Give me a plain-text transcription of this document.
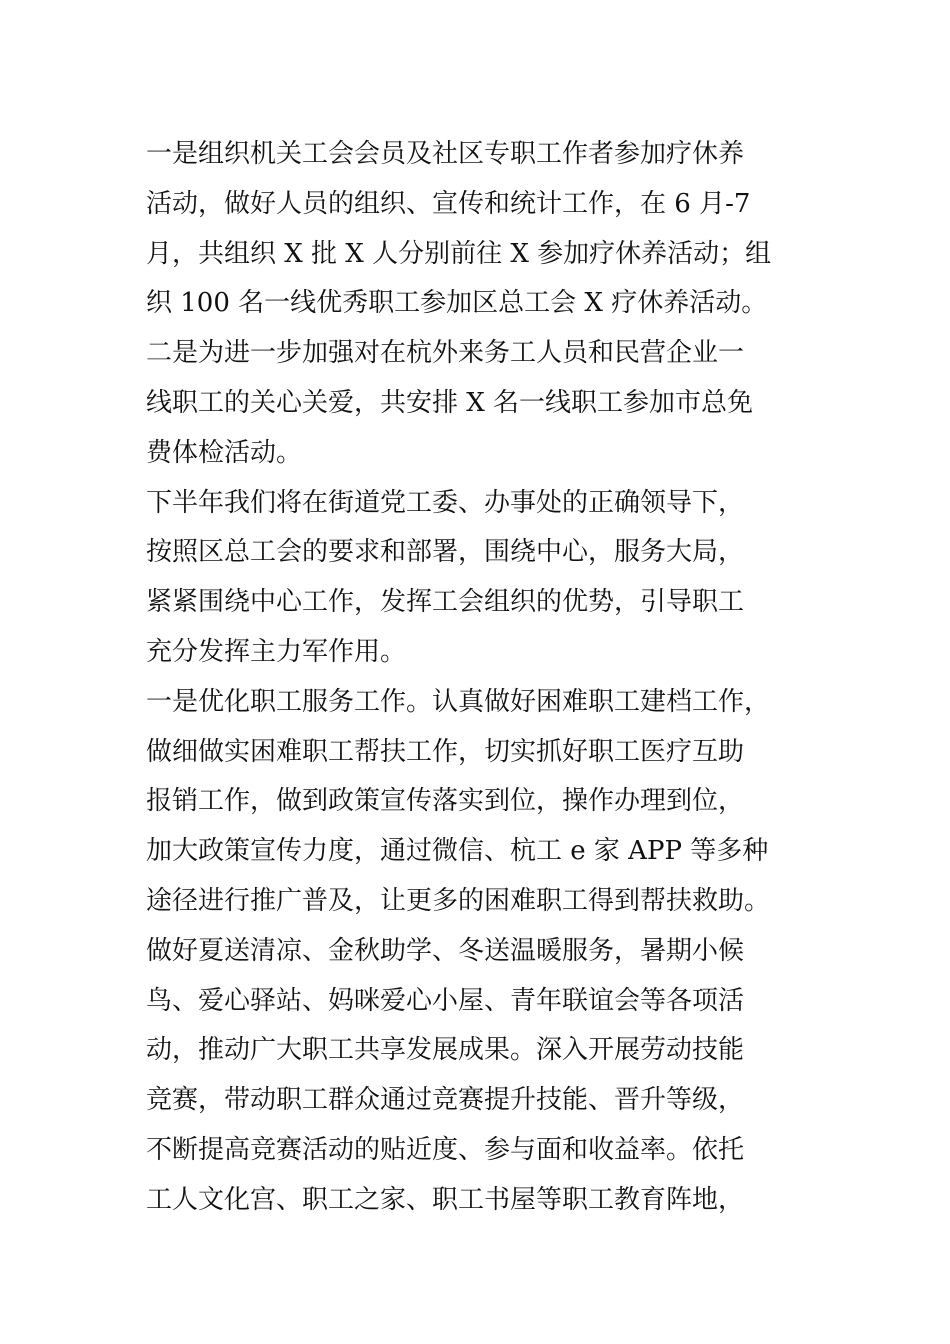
一是组织机关工会会员及社区专职工作者参加疗休养
活动，做好人员的组织、宣传和统计工作，在 6 月-7
月，共组织 X 批 X 人分别前往 X 参加疗休养活动；组
织 100 名一线优秀职工参加区总工会 X 疗休养活动。
二是为进一步加强对在杭外来务工人员和民营企业一
线职工的关心关爱，共安排 X 名一线职工参加市总免
费体检活动。
下半年我们将在街道党工委、办事处的正确领导下，
按照区总工会的要求和部署，围绕中心，服务大局，
紧紧围绕中心工作，发挥工会组织的优势，引导职工
充分发挥主力军作用。
一是优化职工服务工作。认真做好困难职工建档工作，
做细做实困难职工帮扶工作，切实抓好职工医疗互助
报销工作，做到政策宣传落实到位，操作办理到位，
加大政策宣传力度，通过微信、杭工 e 家 APP 等多种
途径进行推广普及，让更多的困难职工得到帮扶救助。
做好夏送清凉、金秋助学、冬送温暖服务，暑期小候
鸟、爱心驿站、妈咪爱心小屋、青年联谊会等各项活
动，推动广大职工共享发展成果。深入开展劳动技能
竞赛，带动职工群众通过竞赛提升技能、晋升等级，
不断提高竞赛活动的贴近度、参与面和收益率。依托
工人文化宫、职工之家、职工书屋等职工教育阵地，
